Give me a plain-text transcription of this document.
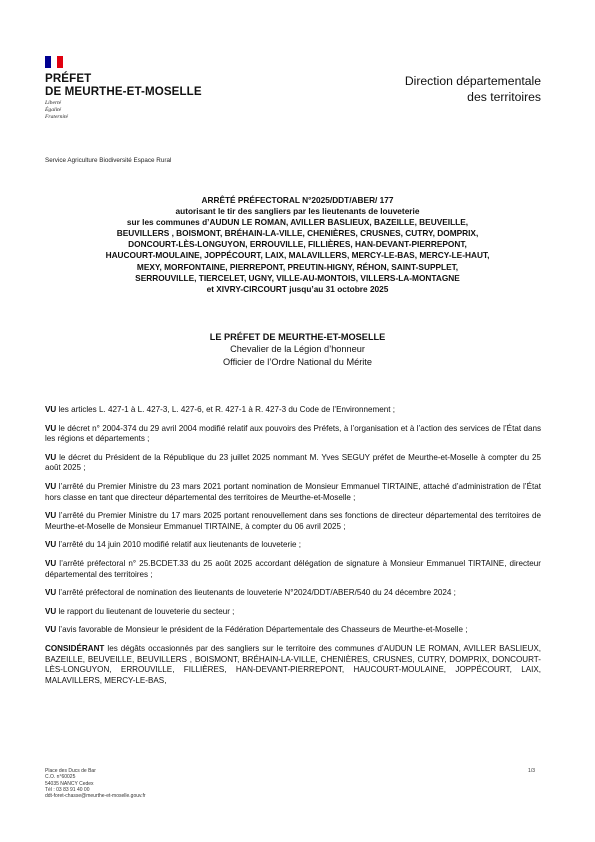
PRÉFET
DE MEURTHE-ET-MOSELLE
Liberté
Égalité
Fraternité
Direction départementale
des territoires
Service Agriculture Biodiversité Espace Rural
ARRÊTÉ PRÉFECTORAL N°2025/DDT/ABER/ 177
autorisant le tir des sangliers par les lieutenants de louveterie
sur les communes d’AUDUN LE ROMAN, AVILLER BASLIEUX, BAZEILLE, BEUVEILLE,
BEUVILLERS , BOISMONT, BRÉHAIN-LA-VILLE, CHENIÈRES, CRUSNES, CUTRY, DOMPRIX,
DONCOURT-LÈS-LONGUYON, ERROUVILLE, FILLIÈRES, HAN-DEVANT-PIERREPONT,
HAUCOURT-MOULAINE, JOPPÉCOURT, LAIX, MALAVILLERS, MERCY-LE-BAS, MERCY-LE-HAUT,
MEXY, MORFONTAINE, PIERREPONT, PREUTIN-HIGNY, RÉHON, SAINT-SUPPLET,
SERROUVILLE, TIERCELET, UGNY, VILLE-AU-MONTOIS, VILLERS-LA-MONTAGNE
et XIVRY-CIRCOURT jusqu’au 31 octobre 2025
LE PRÉFET DE MEURTHE-ET-MOSELLE
Chevalier de la Légion d’honneur
Officier de l’Ordre National du Mérite

VU les articles L. 427-1 à L. 427-3, L. 427-6, et R. 427-1 à R. 427-3 du Code de l’Environnement ;

VU le décret n° 2004-374 du 29 avril 2004 modifié relatif aux pouvoirs des Préfets, à l’organisation et à l’action des services de l’État dans les régions et départements ;

VU le décret du Président de la République du 23 juillet 2025 nommant M. Yves SEGUY préfet de Meurthe-et-Moselle à compter du 25 août 2025 ;

VU l’arrêté du Premier Ministre du 23 mars 2021 portant nomination de Monsieur Emmanuel TIRTAINE, attaché d’administration de l’État hors classe en tant que directeur départemental des territoires de Meurthe-et-Moselle ;

VU l’arrêté du Premier Ministre du 17 mars 2025 portant renouvellement dans ses fonctions de directeur départemental des territoires de Meurthe-et-Moselle de Monsieur Emmanuel TIRTAINE, à compter du 06 avril 2025 ;

VU l’arrêté du 14 juin 2010 modifié relatif aux lieutenants de louveterie ;

VU l’arrêté préfectoral n° 25.BCDET.33 du 25 août 2025 accordant délégation de signature à Monsieur Emmanuel TIRTAINE, directeur départemental des territoires ;

VU l’arrêté préfectoral de nomination des lieutenants de louveterie N°2024/DDT/ABER/540 du 24 décembre 2024 ;

VU le rapport du lieutenant de louveterie du secteur ;

VU l’avis favorable de Monsieur le président de la Fédération Départementale des Chasseurs de Meurthe-et-Moselle ;

CONSIDÉRANT les dégâts occasionnés par des sangliers sur le territoire des communes d’AUDUN LE ROMAN, AVILLER BASLIEUX, BAZEILLE, BEUVEILLE, BEUVILLERS , BOISMONT, BRÉHAIN-LA-VILLE, CHENIÈRES, CRUSNES, CUTRY, DOMPRIX, DONCOURT-LÈS-LONGUYON, ERROUVILLE, FILLIÈRES, HAN-DEVANT-PIERREPONT, HAUCOURT-MOULAINE, JOPPÉCOURT, LAIX, MALAVILLERS, MERCY-LE-BAS,

Place des Ducs de Bar
C.O. n°60025
54035 NANCY Cedex
Tél : 03 83 91 40 00
ddt-foret-chasse@meurthe-et-moselle.gouv.fr
1/3
